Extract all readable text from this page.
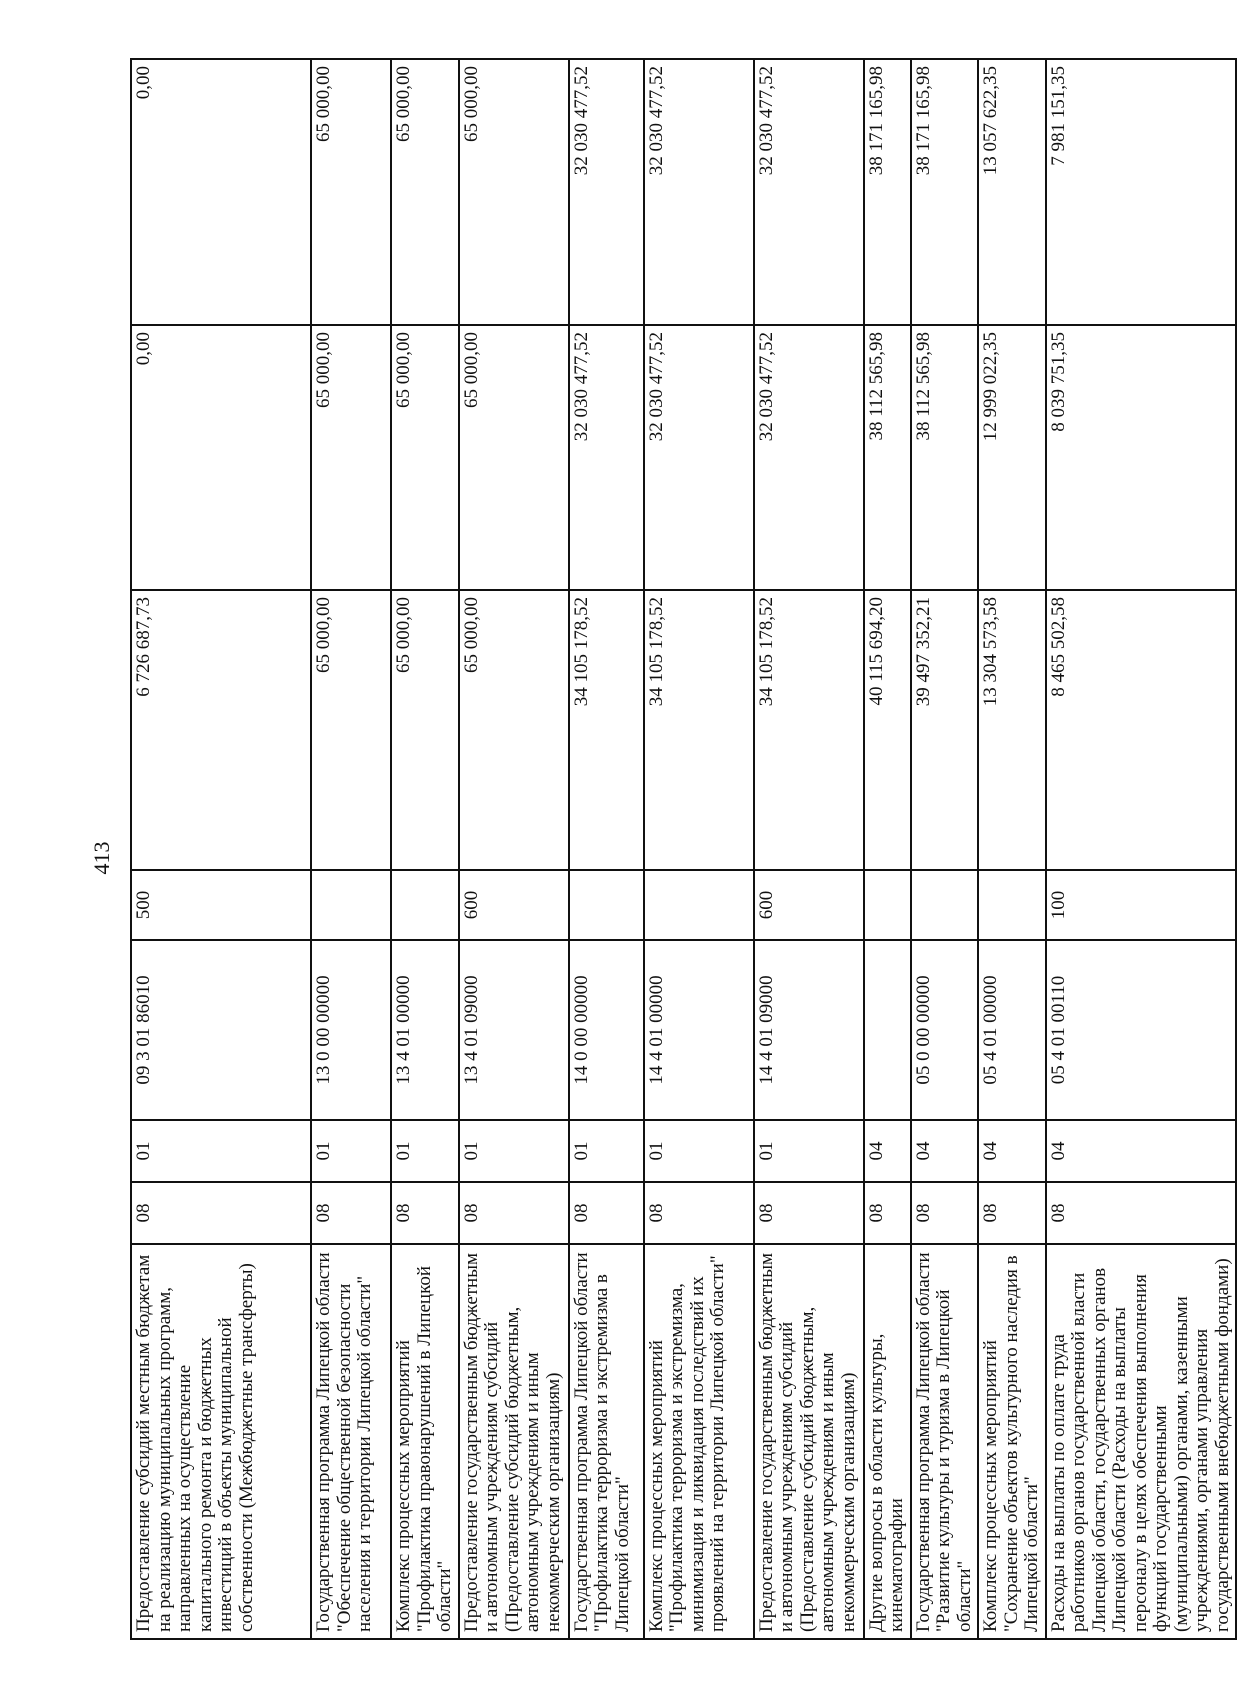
413
Предоставление субсидий местным бюджетам на реализацию муниципальных программ, направленных на осуществление капитального ремонта и бюджетных инвестиций в объекты муниципальной собственности (Межбюджетные трансферты)	08	01	09 3 01 86010	500	6 726 687,73	0,00	0,00
Государственная программа Липецкой области "Обеспечение общественной безопасности населения и территории Липецкой области"	08	01	13 0 00 00000		65 000,00	65 000,00	65 000,00
Комплекс процессных мероприятий "Профилактика правонарушений в Липецкой области"	08	01	13 4 01 00000		65 000,00	65 000,00	65 000,00
Предоставление государственным бюджетным и автономным учреждениям субсидий (Предоставление субсидий бюджетным, автономным учреждениям и иным некоммерческим организациям)	08	01	13 4 01 09000	600	65 000,00	65 000,00	65 000,00
Государственная программа Липецкой области "Профилактика терроризма и экстремизма в Липецкой области"	08	01	14 0 00 00000		34 105 178,52	32 030 477,52	32 030 477,52
Комплекс процессных мероприятий "Профилактика терроризма и экстремизма, минимизация и ликвидация последствий их проявлений на территории Липецкой области"	08	01	14 4 01 00000		34 105 178,52	32 030 477,52	32 030 477,52
Предоставление государственным бюджетным и автономным учреждениям субсидий (Предоставление субсидий бюджетным, автономным учреждениям и иным некоммерческим организациям)	08	01	14 4 01 09000	600	34 105 178,52	32 030 477,52	32 030 477,52
Другие вопросы в области культуры, кинематографии	08	04			40 115 694,20	38 112 565,98	38 171 165,98
Государственная программа Липецкой области "Развитие культуры и туризма в Липецкой области"	08	04	05 0 00 00000		39 497 352,21	38 112 565,98	38 171 165,98
Комплекс процессных мероприятий "Сохранение объектов культурного наследия в Липецкой области"	08	04	05 4 01 00000		13 304 573,58	12 999 022,35	13 057 622,35
Расходы на выплаты по оплате труда работников органов государственной власти Липецкой области, государственных органов Липецкой области (Расходы на выплаты персоналу в целях обеспечения выполнения функций государственными (муниципальными) органами, казенными учреждениями, органами управления государственными внебюджетными фондами)	08	04	05 4 01 00110	100	8 465 502,58	8 039 751,35	7 981 151,35
